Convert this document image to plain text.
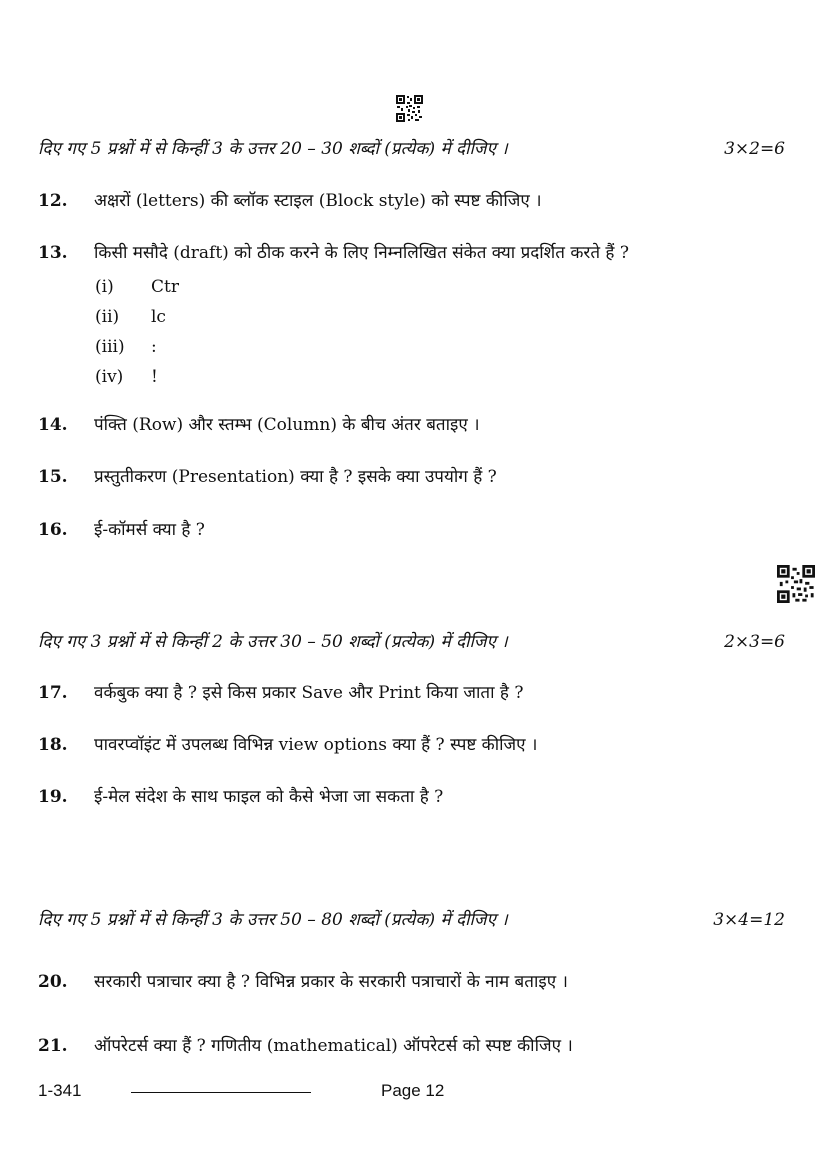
दिए गए 5 प्रश्नों में से किन्हीं 3 के उत्तर 20 – 30 शब्दों (प्रत्येक) में दीजिए ।	3×2=6
12. अक्षरों (letters) की ब्लॉक स्टाइल (Block style) को स्पष्ट कीजिए ।
13. किसी मसौदे (draft) को ठीक करने के लिए निम्नलिखित संकेत क्या प्रदर्शित करते हैं ?
(i) Ctr
(ii) lc
(iii) :
(iv) !
14. पंक्ति (Row) और स्तम्भ (Column) के बीच अंतर बताइए ।
15. प्रस्तुतीकरण (Presentation) क्या है ? इसके क्या उपयोग हैं ?
16. ई-कॉमर्स क्या है ?
दिए गए 3 प्रश्नों में से किन्हीं 2 के उत्तर 30 – 50 शब्दों (प्रत्येक) में दीजिए ।	2×3=6
17. वर्कबुक क्या है ? इसे किस प्रकार Save और Print किया जाता है ?
18. पावरप्वॉइंट में उपलब्ध विभिन्न view options क्या हैं ? स्पष्ट कीजिए ।
19. ई-मेल संदेश के साथ फाइल को कैसे भेजा जा सकता है ?
दिए गए 5 प्रश्नों में से किन्हीं 3 के उत्तर 50 – 80 शब्दों (प्रत्येक) में दीजिए ।	3×4=12
20. सरकारी पत्राचार क्या है ? विभिन्न प्रकार के सरकारी पत्राचारों के नाम बताइए ।
21. ऑपरेटर्स क्या हैं ? गणितीय (mathematical) ऑपरेटर्स को स्पष्ट कीजिए ।
1-341	Page 12
